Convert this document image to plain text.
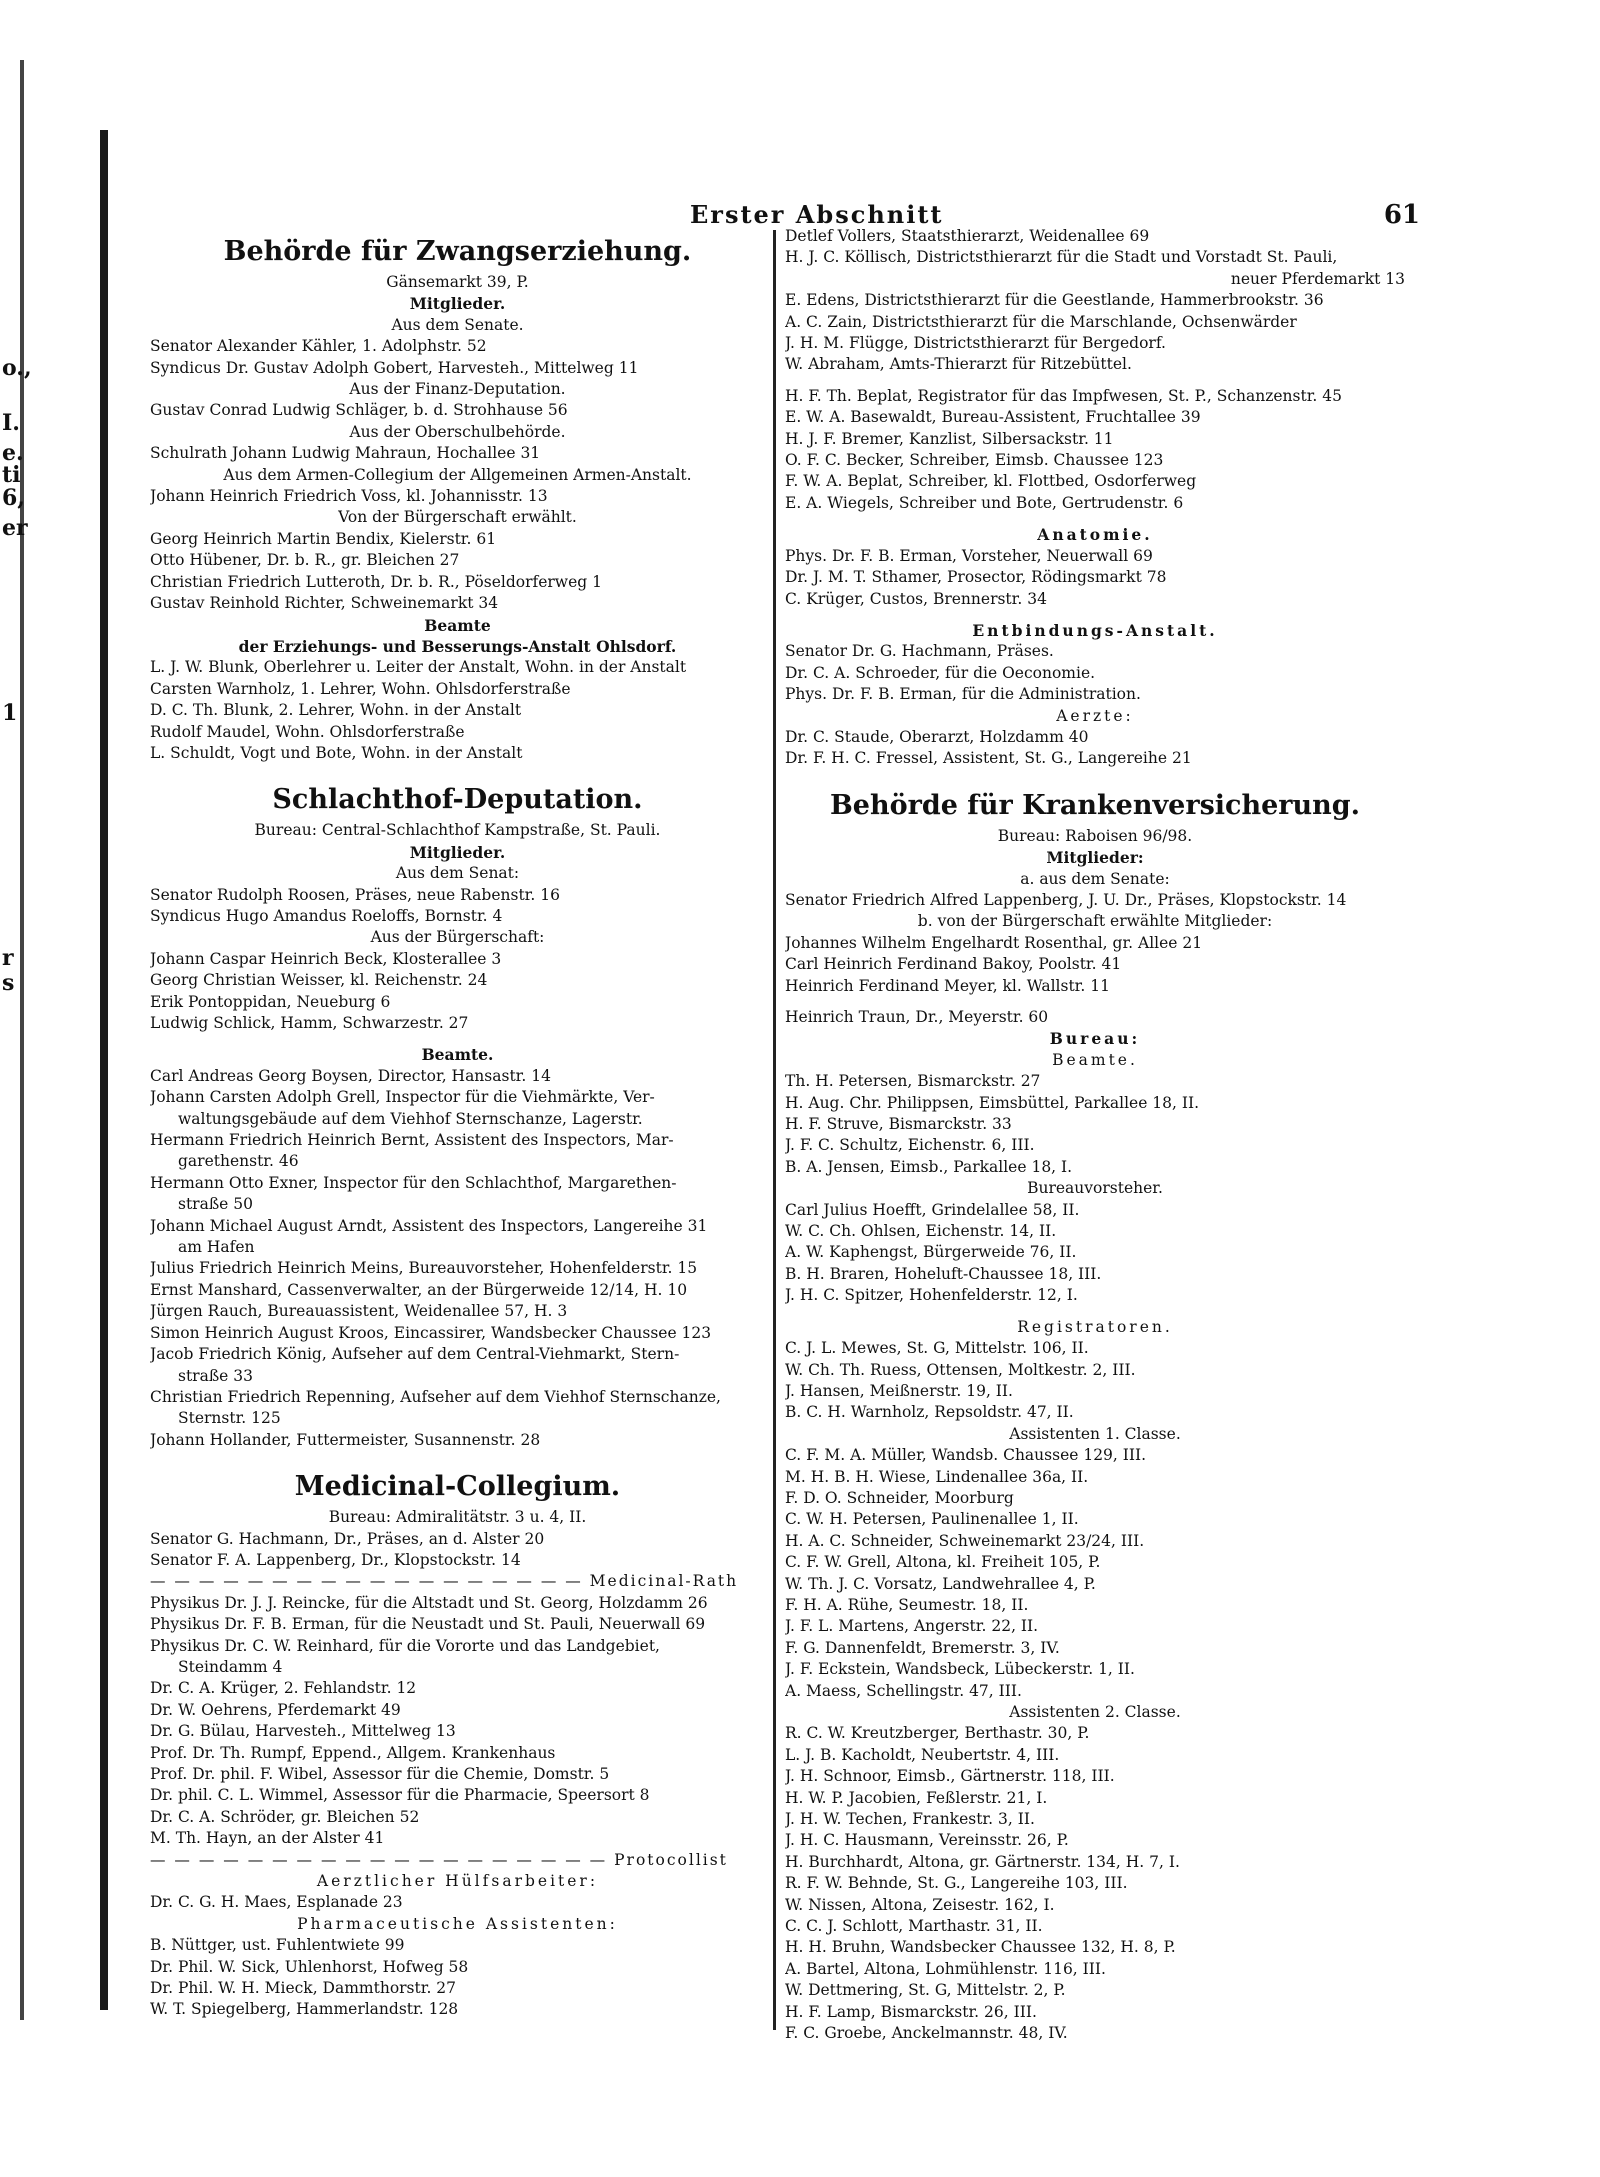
o.,
I.
e.
ti
6,
er
1
r
s
Erster Abschnitt	61
Behörde für Zwangserziehung.
Gänsemarkt 39, P.
Mitglieder.
Aus dem Senate.
Senator Alexander Kähler, 1. Adolphstr. 52
Syndicus Dr. Gustav Adolph Gobert, Harvesteh., Mittelweg 11
Aus der Finanz-Deputation.
Gustav Conrad Ludwig Schläger, b. d. Strohhause 56
Aus der Oberschulbehörde.
Schulrath Johann Ludwig Mahraun, Hochallee 31
Aus dem Armen-Collegium der Allgemeinen Armen-Anstalt.
Johann Heinrich Friedrich Voss, kl. Johannisstr. 13
Von der Bürgerschaft erwählt.
Georg Heinrich Martin Bendix, Kielerstr. 61
Otto Hübener, Dr. b. R., gr. Bleichen 27
Christian Friedrich Lutteroth, Dr. b. R., Pöseldorferweg 1
Gustav Reinhold Richter, Schweinemarkt 34
Beamte
der Erziehungs- und Besserungs-Anstalt Ohlsdorf.
L. J. W. Blunk, Oberlehrer u. Leiter der Anstalt, Wohn. in der Anstalt
Carsten Warnholz, 1. Lehrer, Wohn. Ohlsdorferstraße
D. C. Th. Blunk, 2. Lehrer, Wohn. in der Anstalt
Rudolf Maudel, Wohn. Ohlsdorferstraße
L. Schuldt, Vogt und Bote, Wohn. in der Anstalt
Schlachthof-Deputation.
Bureau: Central-Schlachthof Kampstraße, St. Pauli.
Mitglieder.
Aus dem Senat:
Senator Rudolph Roosen, Präses, neue Rabenstr. 16
Syndicus Hugo Amandus Roeloffs, Bornstr. 4
Aus der Bürgerschaft:
Johann Caspar Heinrich Beck, Klosterallee 3
Georg Christian Weisser, kl. Reichenstr. 24
Erik Pontoppidan, Neueburg 6
Ludwig Schlick, Hamm, Schwarzestr. 27
Beamte.
Carl Andreas Georg Boysen, Director, Hansastr. 14
Johann Carsten Adolph Grell, Inspector für die Viehmärkte, Ver-
waltungsgebäude auf dem Viehhof Sternschanze, Lagerstr.
Hermann Friedrich Heinrich Bernt, Assistent des Inspectors, Mar-
garethenstr. 46
Hermann Otto Exner, Inspector für den Schlachthof, Margarethen-
straße 50
Johann Michael August Arndt, Assistent des Inspectors, Langereihe 31
am Hafen
Julius Friedrich Heinrich Meins, Bureauvorsteher, Hohenfelderstr. 15
Ernst Manshard, Cassenverwalter, an der Bürgerweide 12/14, H. 10
Jürgen Rauch, Bureauassistent, Weidenallee 57, H. 3
Simon Heinrich August Kroos, Eincassirer, Wandsbecker Chaussee 123
Jacob Friedrich König, Aufseher auf dem Central-Viehmarkt, Stern-
straße 33
Christian Friedrich Repenning, Aufseher auf dem Viehhof Sternschanze,
Sternstr. 125
Johann Hollander, Futtermeister, Susannenstr. 28
Medicinal-Collegium.
Bureau: Admiralitätstr. 3 u. 4, II.
Senator G. Hachmann, Dr., Präses, an d. Alster 20
Senator F. A. Lappenberg, Dr., Klopstockstr. 14
— — — — — — — — — — — — — — — — — — Medicinal-Rath
Physikus Dr. J. J. Reincke, für die Altstadt und St. Georg, Holzdamm 26
Physikus Dr. F. B. Erman, für die Neustadt und St. Pauli, Neuerwall 69
Physikus Dr. C. W. Reinhard, für die Vororte und das Landgebiet,
Steindamm 4
Dr. C. A. Krüger, 2. Fehlandstr. 12
Dr. W. Oehrens, Pferdemarkt 49
Dr. G. Bülau, Harvesteh., Mittelweg 13
Prof. Dr. Th. Rumpf, Eppend., Allgem. Krankenhaus
Prof. Dr. phil. F. Wibel, Assessor für die Chemie, Domstr. 5
Dr. phil. C. L. Wimmel, Assessor für die Pharmacie, Speersort 8
Dr. C. A. Schröder, gr. Bleichen 52
M. Th. Hayn, an der Alster 41
— — — — — — — — — — — — — — — — — — — Protocollist
Aerztlicher Hülfsarbeiter:
Dr. C. G. H. Maes, Esplanade 23
Pharmaceutische Assistenten:
B. Nüttger, ust. Fuhlentwiete 99
Dr. Phil. W. Sick, Uhlenhorst, Hofweg 58
Dr. Phil. W. H. Mieck, Dammthorstr. 27
W. T. Spiegelberg, Hammerlandstr. 128
Detlef Vollers, Staatsthierarzt, Weidenallee 69
H. J. C. Köllisch, Districtsthierarzt für die Stadt und Vorstadt St. Pauli,
neuer Pferdemarkt 13
E. Edens, Districtsthierarzt für die Geestlande, Hammerbrookstr. 36
A. C. Zain, Districtsthierarzt für die Marschlande, Ochsenwärder
J. H. M. Flügge, Districtsthierarzt für Bergedorf.
W. Abraham, Amts-Thierarzt für Ritzebüttel.
H. F. Th. Beplat, Registrator für das Impfwesen, St. P., Schanzenstr. 45
E. W. A. Basewaldt, Bureau-Assistent, Fruchtallee 39
H. J. F. Bremer, Kanzlist, Silbersackstr. 11
O. F. C. Becker, Schreiber, Eimsb. Chaussee 123
F. W. A. Beplat, Schreiber, kl. Flottbed, Osdorferweg
E. A. Wiegels, Schreiber und Bote, Gertrudenstr. 6
Anatomie.
Phys. Dr. F. B. Erman, Vorsteher, Neuerwall 69
Dr. J. M. T. Sthamer, Prosector, Rödingsmarkt 78
C. Krüger, Custos, Brennerstr. 34
Entbindungs-Anstalt.
Senator Dr. G. Hachmann, Präses.
Dr. C. A. Schroeder, für die Oeconomie.
Phys. Dr. F. B. Erman, für die Administration.
Aerzte:
Dr. C. Staude, Oberarzt, Holzdamm 40
Dr. F. H. C. Fressel, Assistent, St. G., Langereihe 21
Behörde für Krankenversicherung.
Bureau: Raboisen 96/98.
Mitglieder:
a. aus dem Senate:
Senator Friedrich Alfred Lappenberg, J. U. Dr., Präses, Klopstockstr. 14
b. von der Bürgerschaft erwählte Mitglieder:
Johannes Wilhelm Engelhardt Rosenthal, gr. Allee 21
Carl Heinrich Ferdinand Bakoy, Poolstr. 41
Heinrich Ferdinand Meyer, kl. Wallstr. 11
Heinrich Traun, Dr., Meyerstr. 60
Bureau:
Beamte.
Th. H. Petersen, Bismarckstr. 27
H. Aug. Chr. Philippsen, Eimsbüttel, Parkallee 18, II.
H. F. Struve, Bismarckstr. 33
J. F. C. Schultz, Eichenstr. 6, III.
B. A. Jensen, Eimsb., Parkallee 18, I.
Bureauvorsteher.
Carl Julius Hoefft, Grindelallee 58, II.
W. C. Ch. Ohlsen, Eichenstr. 14, II.
A. W. Kaphengst, Bürgerweide 76, II.
B. H. Braren, Hoheluft-Chaussee 18, III.
J. H. C. Spitzer, Hohenfelderstr. 12, I.
Registratoren.
C. J. L. Mewes, St. G, Mittelstr. 106, II.
W. Ch. Th. Ruess, Ottensen, Moltkestr. 2, III.
J. Hansen, Meißnerstr. 19, II.
B. C. H. Warnholz, Repsoldstr. 47, II.
Assistenten 1. Classe.
C. F. M. A. Müller, Wandsb. Chaussee 129, III.
M. H. B. H. Wiese, Lindenallee 36a, II.
F. D. O. Schneider, Moorburg
C. W. H. Petersen, Paulinenallee 1, II.
H. A. C. Schneider, Schweinemarkt 23/24, III.
C. F. W. Grell, Altona, kl. Freiheit 105, P.
W. Th. J. C. Vorsatz, Landwehrallee 4, P.
F. H. A. Rühe, Seumestr. 18, II.
J. F. L. Martens, Angerstr. 22, II.
F. G. Dannenfeldt, Bremerstr. 3, IV.
J. F. Eckstein, Wandsbeck, Lübeckerstr. 1, II.
A. Maess, Schellingstr. 47, III.
Assistenten 2. Classe.
R. C. W. Kreutzberger, Berthastr. 30, P.
L. J. B. Kacholdt, Neubertstr. 4, III.
J. H. Schnoor, Eimsb., Gärtnerstr. 118, III.
H. W. P. Jacobien, Feßlerstr. 21, I.
J. H. W. Techen, Frankestr. 3, II.
J. H. C. Hausmann, Vereinsstr. 26, P.
H. Burchhardt, Altona, gr. Gärtnerstr. 134, H. 7, I.
R. F. W. Behnde, St. G., Langereihe 103, III.
W. Nissen, Altona, Zeisestr. 162, I.
C. C. J. Schlott, Marthastr. 31, II.
H. H. Bruhn, Wandsbecker Chaussee 132, H. 8, P.
A. Bartel, Altona, Lohmühlenstr. 116, III.
W. Dettmering, St. G, Mittelstr. 2, P.
H. F. Lamp, Bismarckstr. 26, III.
F. C. Groebe, Anckelmannstr. 48, IV.
